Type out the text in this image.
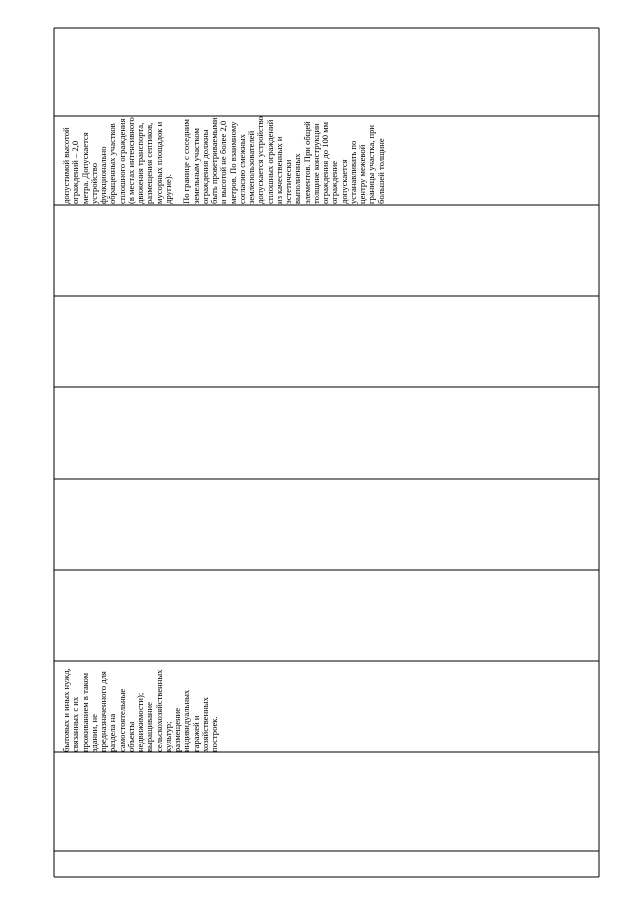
допустимой высотой ограждений – 2,0 метра. Допускается устройство функционально обращенных участков сплошного ограждения (в местах интенсивного движения транспорта, размещения септиков, мусорных площадок и другие).

По границе с соседним земельным участком ограждения должны быть проветриваемыми и высотой не более 2,0 метров. По взаимному согласию смежных землепользователей допускается устройство сплошных ограждений из качественных и эстетически выполненных элементов. При общей толщине конструкции ограждения до 100 мм ограждение допускается устанавливать по центру межевой границы участка, при большей толщине
бытовых и иных нужд, связанных с их проживанием в таком здании, не предназначенного для раздела на самостоятельные объекты недвижимости);
выращивание сельскохозяйственных культур;
размещение индивидуальных гаражей и хозяйственных построек.
